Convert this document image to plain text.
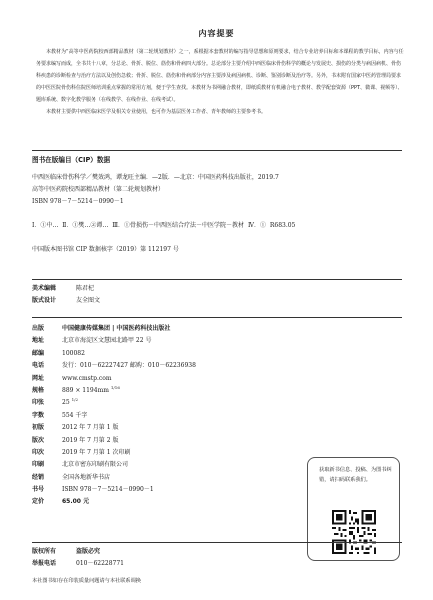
内容提要

本教材为“高等中医药院校西部精品教材（第二轮规划教材）之一，系根据本套教材的编写指导思想和原则要求，结合专业培养目标和本课程的教学目标，内容与任务要求编写而成，全书共十八章，分总论、骨折、脱位、筋伤和骨病四大部分。总论部分主要介绍中西医临床骨伤科学的概论与发展史、损伤的分类与病因病机、骨伤科疾患的诊断检查与治疗方法以及创伤急救；骨折、脱位、筋伤和骨病部分内容主要涉及病因病机、诊断、鉴别诊断及治疗等。另外，书末附有国家中医药管理局要求的中医医院骨伤科住院医师培训重点掌握的常用方剂，便于学生查找。本教材为书网融合教材，即纸质教材有机融合电子教材、教学配套资源（PPT、微课、视频等）、题库系统、数字化教学服务（在线教学、在线作业、在线考试）。

本教材主要供中西医临床医学及相关专业使用，也可作为基层医务工作者、青年教师的主要参考书。

图书在版编目（CIP）数据
中西医临床骨伤科学／樊效鸿，谭龙旺主编．—2版．—北京：中国医药科技出版社，2019.7
高等中医药院校西部精品教材（第二轮规划教材）
ISBN 978－7－5214－0990－1
Ⅰ．①中… Ⅱ．①樊…②谭… Ⅲ．①骨损伤－中西医结合疗法－中医学院－教材 Ⅳ．① R683.05
中国版本图书馆 CIP 数据核字（2019）第 112197 号
美术编辑	陈君杞
版式设计	友全图文
出版	中国健康传媒集团 | 中国医药科技出版社
地址	北京市海淀区文慧园北路甲 22 号
邮编	100082
电话	发行：010－62227427 邮购：010－62236938
网址	www.cmstp.com
规格	889 × 1194mm $^{1/16}$
印张	25 $^{1/2}$
字数	554 千字
初版	2012 年 7 月第 1 版
版次	2019 年 7 月第 2 版
印次	2019 年 7 月第 1 次印刷
印刷	北京市密东印刷有限公司
经销	全国各地新华书店
书号	ISBN 978－7－5214－0990－1
定价	65.00 元
获取新书信息、投稿、为图书纠错，请扫码联系我们。
版权所有	盗版必究
举报电话	010－62228771
本社图书如存在印装质量问题请与本社联系调换
